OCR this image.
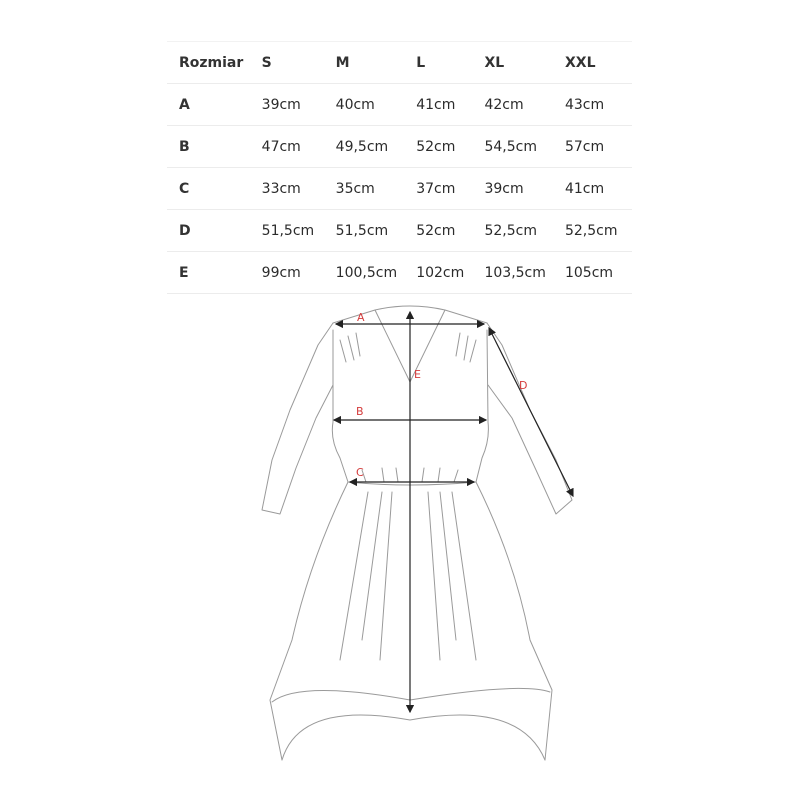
Rozmiar	S	M	L	XL	XXL
A	39cm	40cm	41cm	42cm	43cm
B	47cm	49,5cm	52cm	54,5cm	57cm
C	33cm	35cm	37cm	39cm	41cm
D	51,5cm	51,5cm	52cm	52,5cm	52,5cm
E	99cm	100,5cm	102cm	103,5cm	105cm
A
B
C
D
E
